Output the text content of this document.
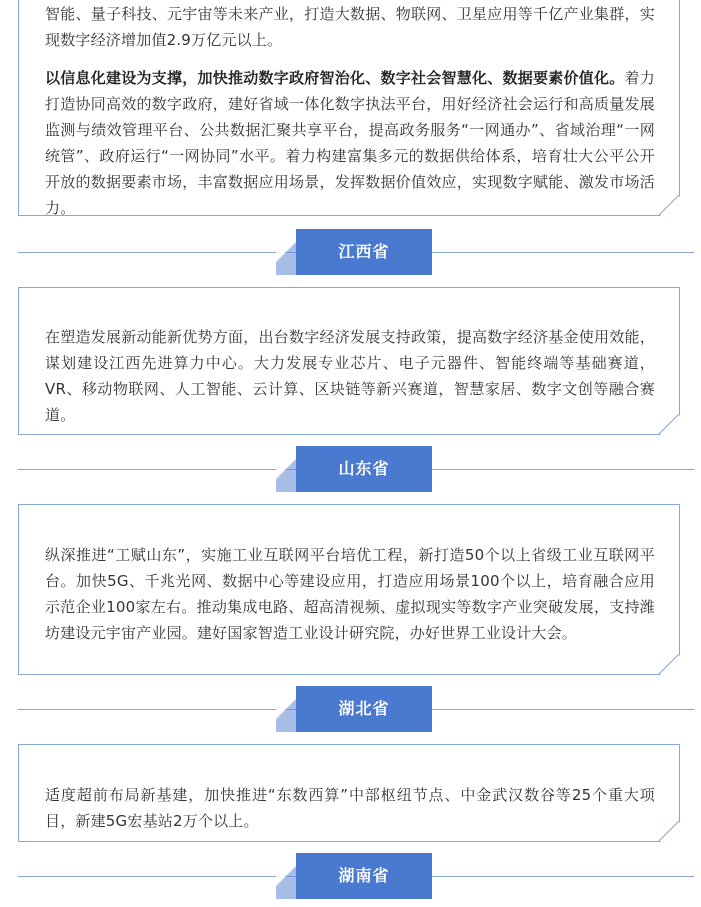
智能、量子科技、元宇宙等未来产业，打造大数据、物联网、卫星应用等千亿产业集群，实现数字经济增加值2.9万亿元以上。

以信息化建设为支撑，加快推动数字政府智治化、数字社会智慧化、数据要素价值化。着力打造协同高效的数字政府，建好省域一体化数字执法平台，用好经济社会运行和高质量发展监测与绩效管理平台、公共数据汇聚共享平台，提高政务服务“一网通办”、省域治理“一网统管”、政府运行“一网协同”水平。着力构建富集多元的数据供给体系，培育壮大公平公开开放的数据要素市场，丰富数据应用场景，发挥数据价值效应，实现数字赋能、激发市场活力。

江西省

在塑造发展新动能新优势方面，出台数字经济发展支持政策，提高数字经济基金使用效能，谋划建设江西先进算力中心。大力发展专业芯片、电子元器件、智能终端等基础赛道，VR、移动物联网、人工智能、云计算、区块链等新兴赛道，智慧家居、数字文创等融合赛道。

山东省

纵深推进“工赋山东”，实施工业互联网平台培优工程，新打造50个以上省级工业互联网平台。加快5G、千兆光网、数据中心等建设应用，打造应用场景100个以上，培育融合应用示范企业100家左右。推动集成电路、超高清视频、虚拟现实等数字产业突破发展，支持潍坊建设元宇宙产业园。建好国家智造工业设计研究院，办好世界工业设计大会。

湖北省

适度超前布局新基建，加快推进“东数西算”中部枢纽节点、中金武汉数谷等25个重大项目，新建5G宏基站2万个以上。

湖南省
